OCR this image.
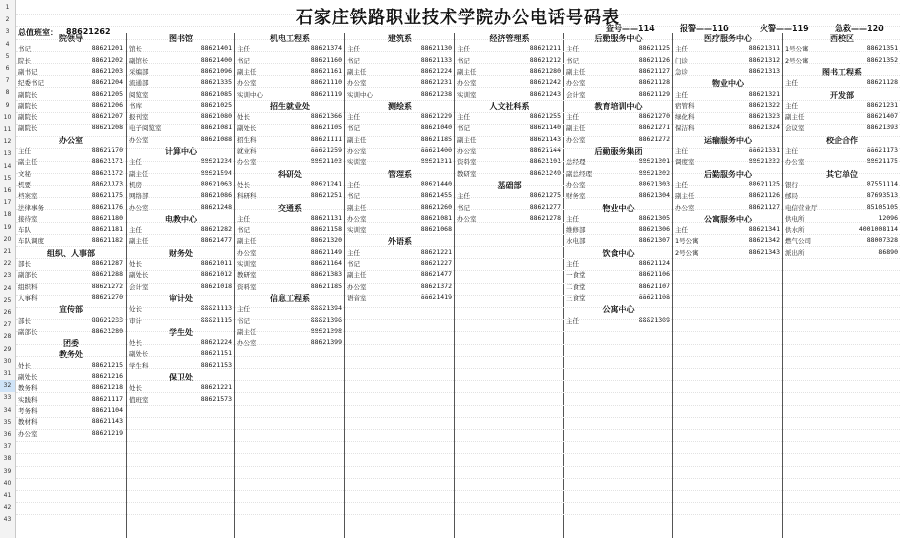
1
2
3
4
5
6
7
8
9
10
11
12
13
14
15
16
17
18
19
20
21
22
23
24
25
26
27
28
29
30
31
32
33
34
35
36
37
38
39
40
41
42
43
石家庄铁路职业技术学院办公电话号码表
总值班室： 88621262	查号——114	报警——110	火警——119	急救——120
院领导
书记	88621201
院长	88621202
副书记	88621203
纪委书记	88621204
副院长	88621205
副院长	88621206
副院长	88621207
副院长	88621208
办公室
主任	88621170
副主任	88621171
文秘	88621172
机要	88621173
档案室	88621175
法律事务	88621176
接待室	88621180
车队	88621181
车队调度	88621182
组织、人事部
部长	88621287
副部长	88621288
组织科	88621272
人事科	88621270
宣传部
部长	88621233
副部长	88621280
团委
教务处
处长	88621215
副处长	88621216
教务科	88621218
实践科	88621117
考务科	88621104
教材科	88621143
办公室	88621219
图书馆
馆长	88621401
副馆长	88621400
采编部	88621096
流通部	88621335
阅览室	88621085
书库	88621025
报刊室	88621080
电子阅览室	88621081
办公室	88621088
计算中心
主任	88621234
副主任	88621594
机房	88621063
网络部	88621086
办公室	88621248
电教中心
主任	88621282
副主任	88621477
财务处
处长	88621011
副处长	88621012
会计室	88621018
审计处
处长	88621113
审计	88621115
学生处
处长	88621224
副处长	88621151
学生科	88621153
保卫处
处长	88621221
值班室	88621573
机电工程系
主任	88621374
书记	88621160
副主任	88621161
办公室	88621110
实训中心	88621119
招生就业处
处长	88621366
副处长	88621105
招生科	88621111
就业科	88621259
办公室	88621103
科研处
处长	88621241
科研科	88621251
交通系
主任	88621131
书记	88621158
副主任	88621320
办公室	88621149
实训室	88621164
教研室	88621383
资料室	88621185
信息工程系
主任	88621394
书记	88621396
副主任	88621398
办公室	88621399
建筑系
主任	88621130
书记	88621133
副主任	88621224
办公室	88621231
实训中心	88621238
测绘系
主任	88621229
书记	88621040
副主任	88621185
办公室	88621400
实训室	88621311
管理系
主任	88621440
书记	88621455
副主任	88621260
办公室	88621081
实训室	88621068
外语系
主任	88621221
书记	88621227
副主任	88621477
办公室	88621372
语音室	88621419
经济管理系
主任	88621211
书记	88621212
副主任	88621280
办公室	88621242
实训室	88621243
人文社科系
主任	88621255
书记	88621140
副主任	88621143
办公室	88621144
资料室	88621101
教研室	88621249
基础部
主任	88621275
书记	88621277
办公室	88621278
后勤服务中心
主任	88621125
书记	88621126
副主任	88621127
办公室	88621128
会计室	88621129
教育培训中心
主任	88621270
副主任	88621271
办公室	88621272
后勤服务集团
总经理	88621301
副总经理	88621302
办公室	88621303
财务室	88621304
物业中心
主任	88621305
维修部	88621306
水电部	88621307
饮食中心
主任	88621124
一食堂	88621106
二食堂	88621107
三食堂	88621108
公寓中心
主任	88621309
医疗服务中心
主任	88621311
门诊	88621312
急诊	88621313
物业中心
主任	88621321
宿管科	88621322
绿化科	88621323
保洁科	88621324
运输服务中心
主任	88621331
调度室	88621332
后勤服务中心
主任	88621125
副主任	88621126
办公室	88621127
公寓服务中心
主任	88621341
1号公寓	88621342
2号公寓	88621343
西校区
1号公寓	88621351
2号公寓	88621352
图书工程系
主任	88621128
开发部
主任	88621231
副主任	88621407
会议室	88621393
校企合作
主任	88621173
办公室	88621175
其它单位
银行	87551114
邮局	87693513
电信营业厅	85105105
供电所	12096
供水所	4001008114
燃气公司	88007328
派出所	86890
